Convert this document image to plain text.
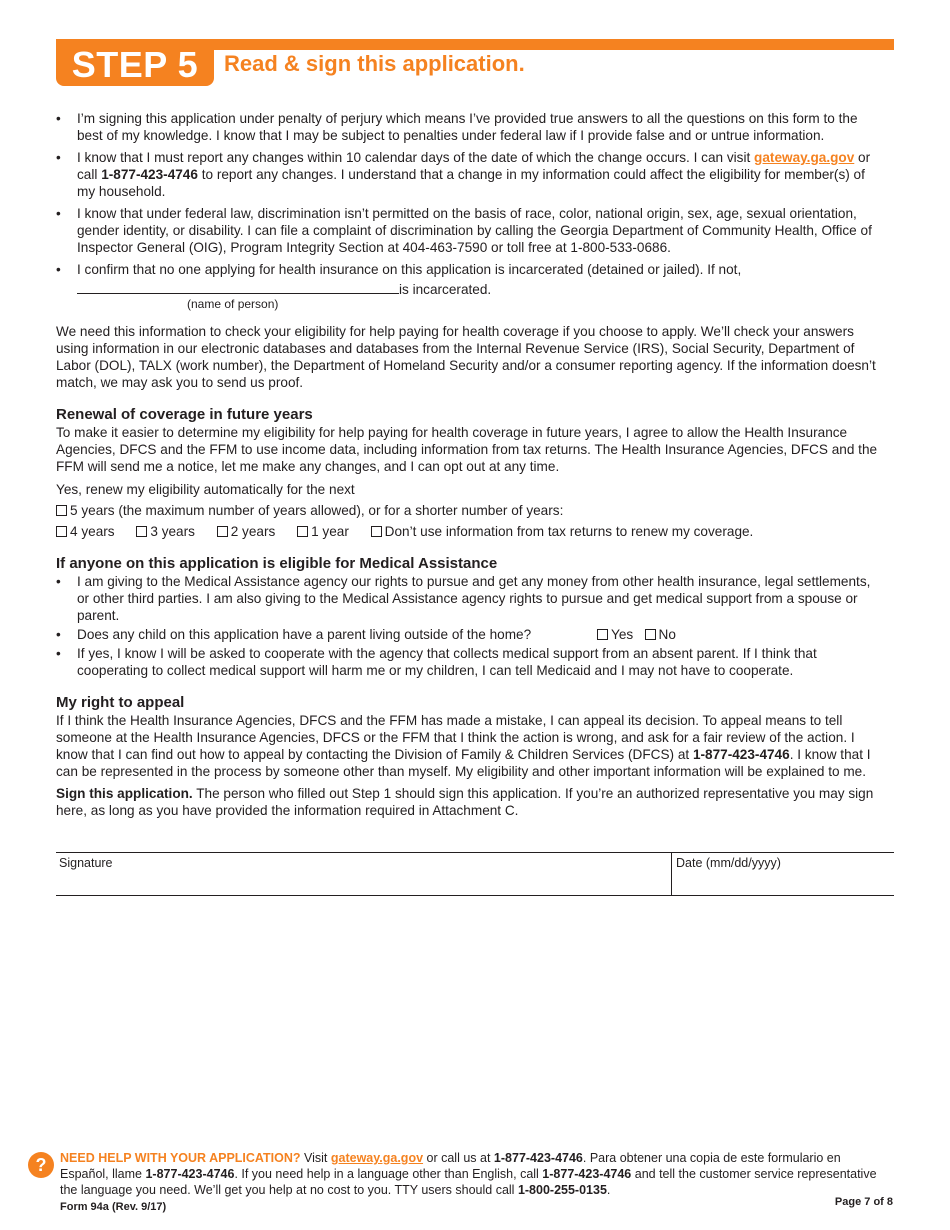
STEP 5	Read & sign this application.
• I’m signing this application under penalty of perjury which means I’ve provided true answers to all the questions on this form to the best of my knowledge. I know that I may be subject to penalties under federal law if I provide false and or untrue information.
• I know that I must report any changes within 10 calendar days of the date of which the change occurs. I can visit gateway.ga.gov or call 1-877-423-4746 to report any changes. I understand that a change in my information could affect the eligibility for member(s) of my household.
• I know that under federal law, discrimination isn’t permitted on the basis of race, color, national origin, sex, age, sexual orientation, gender identity, or disability. I can file a complaint of discrimination by calling the Georgia Department of Community Health, Office of Inspector General (OIG), Program Integrity Section at 404-463-7590 or toll free at 1-800-533-0686.
• I confirm that no one applying for health insurance on this application is incarcerated (detained or jailed). If not,
is incarcerated.
(name of person)

We need this information to check your eligibility for help paying for health coverage if you choose to apply. We’ll check your answers using information in our electronic databases and databases from the Internal Revenue Service (IRS), Social Security, Department of Labor (DOL), TALX (work number), the Department of Homeland Security and/or a consumer reporting agency. If the information doesn’t match, we may ask you to send us proof.

Renewal of coverage in future years

To make it easier to determine my eligibility for help paying for health coverage in future years, I agree to allow the Health Insurance Agencies, DFCS and the FFM to use income data, including information from tax returns. The Health Insurance Agencies, DFCS and the FFM will send me a notice, let me make any changes, and I can opt out at any time.

Yes, renew my eligibility automatically for the next

5 years (the maximum number of years allowed), or for a shorter number of years:
4 years	3 years	2 years	1 year	Don’t use information from tax returns to renew my coverage.
If anyone on this application is eligible for Medical Assistance
• I am giving to the Medical Assistance agency our rights to pursue and get any money from other health insurance, legal settlements, or other third parties. I am also giving to the Medical Assistance agency rights to pursue and get medical support from a spouse or parent.
• Does any child on this application have a parent living outside of the home?	Yes No
• If yes, I know I will be asked to cooperate with the agency that collects medical support from an absent parent. If I think that cooperating to collect medical support will harm me or my children, I can tell Medicaid and I may not have to cooperate.
My right to appeal

If I think the Health Insurance Agencies, DFCS and the FFM has made a mistake, I can appeal its decision. To appeal means to tell someone at the Health Insurance Agencies, DFCS or the FFM that I think the action is wrong, and ask for a fair review of the action. I know that I can find out how to appeal by contacting the Division of Family & Children Services (DFCS) at 1-877-423-4746. I know that I can be represented in the process by someone other than myself. My eligibility and other important information will be explained to me.

Sign this application. The person who filled out Step 1 should sign this application. If you’re an authorized representative you may sign here, as long as you have provided the information required in Attachment C.

Signature	Date (mm/dd/yyyy)
?	NEED HELP WITH YOUR APPLICATION? Visit gateway.ga.gov or call us at 1-877-423-4746. Para obtener una copia de este formulario en Español, llame 1-877-423-4746. If you need help in a language other than English, call 1-877-423-4746 and tell the customer service representative the language you need. We’ll get you help at no cost to you. TTY users should call 1-800-255-0135.
Form 94a (Rev. 9/17)	Page 7 of 8
